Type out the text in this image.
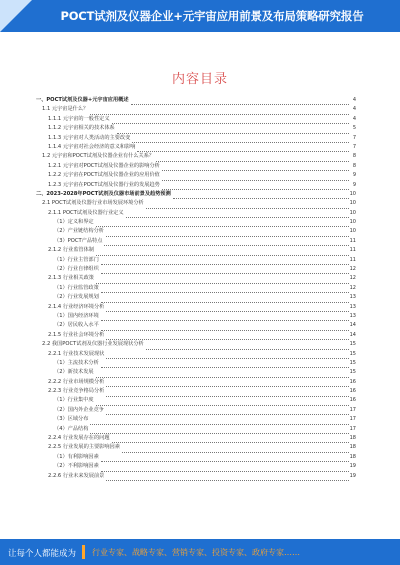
POCT试剂及仪器企业+元宇宙应用前景及布局策略研究报告
内容目录
一、POCT试剂及仪器+元宇宙应用概述	4
1.1 元宇宙是什么？	4
1.1.1 元宇宙的一般性定义	4
1.1.2 元宇宙相关的技术体系	5
1.1.3 元宇宙对人类活动的主要改变	7
1.1.4 元宇宙对社会经济的意义和影响	7
1.2 元宇宙和POCT试剂及仪器企业有什么关系？	8
1.2.1 元宇宙对POCT试剂及仪器企业的影响分析	8
1.2.2 元宇宙在POCT试剂及仪器企业的应用价值	9
1.2.3 元宇宙在POCT试剂及仪器行业的发展趋势	9
二、2023-2028年POCT试剂及仪器市场前景及趋势预测	10
2.1 POCT试剂及仪器行业市场发展环境分析	10
2.1.1 POCT试剂及仪器行业定义	10
（1）定义和界定	10
（2）产业链结构分析	10
（3）POCT产品特点	11
2.1.2 行业监管体制	11
（1）行业主管部门	11
（2）行业自律组织	12
2.1.3 行业相关政策	12
（1）行业监管政策	12
（2）行业发展规划	13
2.1.4 行业经济环境分析	13
（1）国内经济环境	13
（2）居民收入水平	14
2.1.5 行业社会环境分析	14
2.2 我国POCT试剂及仪器行业发展现状分析	15
2.2.1 行业技术发展现状	15
（1）主流技术分析	15
（2）新技术发展	15
2.2.2 行业市场规模分析	16
2.2.3 行业竞争格局分析	16
（1）行业集中度	16
（2）国内外企业竞争	17
（3）区域分布	17
（4）产品结构	17
2.2.4 行业发展存在的问题	18
2.2.5 行业发展的主要影响因素	18
（1）有利影响因素	18
（2）不利影响因素	19
2.2.6 行业未来发展前景	19
让每个人都能成为 行业专家、战略专家、营销专家、投资专家、政府专家……
